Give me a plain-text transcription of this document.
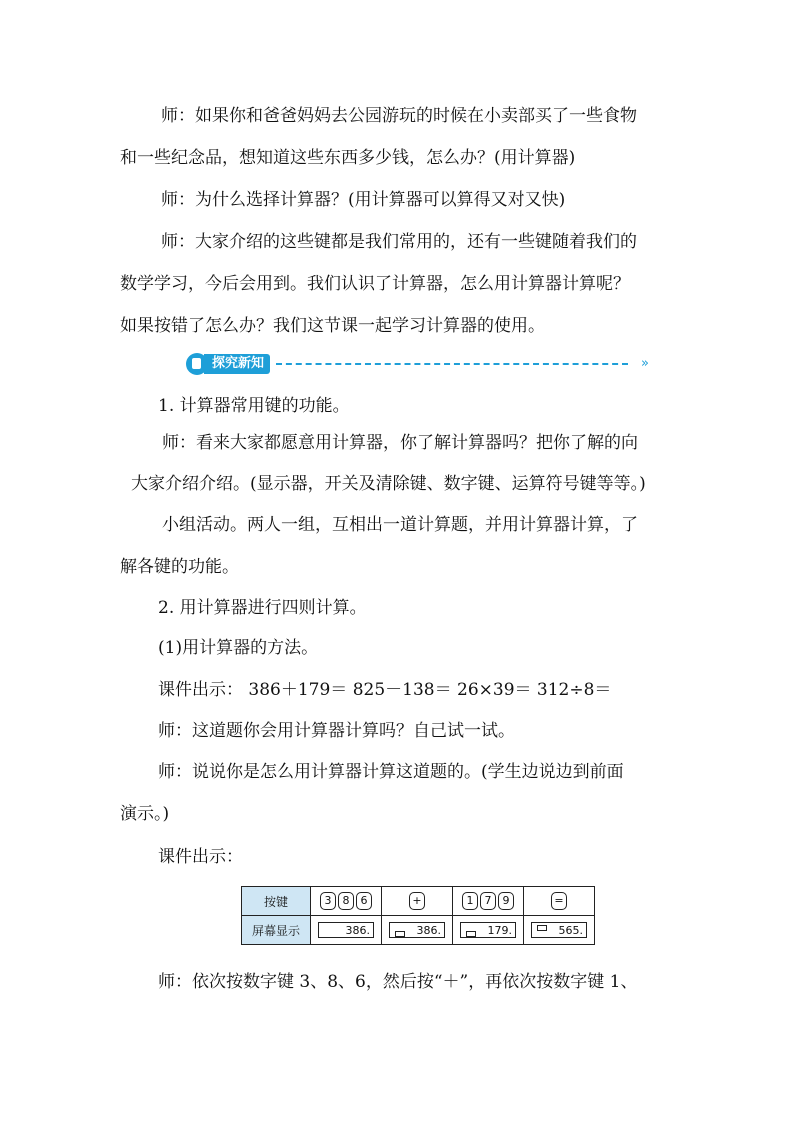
师：如果你和爸爸妈妈去公园游玩的时候在小卖部买了一些食物
和一些纪念品，想知道这些东西多少钱，怎么办？(用计算器)
师：为什么选择计算器？(用计算器可以算得又对又快)
师：大家介绍的这些键都是我们常用的，还有一些键随着我们的
数学学习，今后会用到。我们认识了计算器，怎么用计算器计算呢？
如果按错了怎么办？我们这节课一起学习计算器的使用。
探究新知	»
1. 计算器常用键的功能。
师：看来大家都愿意用计算器，你了解计算器吗？把你了解的向
大家介绍介绍。(显示器，开关及清除键、数字键、运算符号键等等。)
小组活动。两人一组，互相出一道计算题，并用计算器计算，了
解各键的功能。
2. 用计算器进行四则计算。
(1)用计算器的方法。
课件出示： 386＋179＝ 825－138＝ 26×39＝ 312÷8＝
师：这道题你会用计算器计算吗？自己试一试。
师：说说你是怎么用计算器计算这道题的。(学生边说边到前面
演示。)
课件出示：
按键	3 8 6	+	1 7 9	=
屏幕显示	386.	386.	179.	565.
师：依次按数字键 3、8、6，然后按“＋”，再依次按数字键 1、
